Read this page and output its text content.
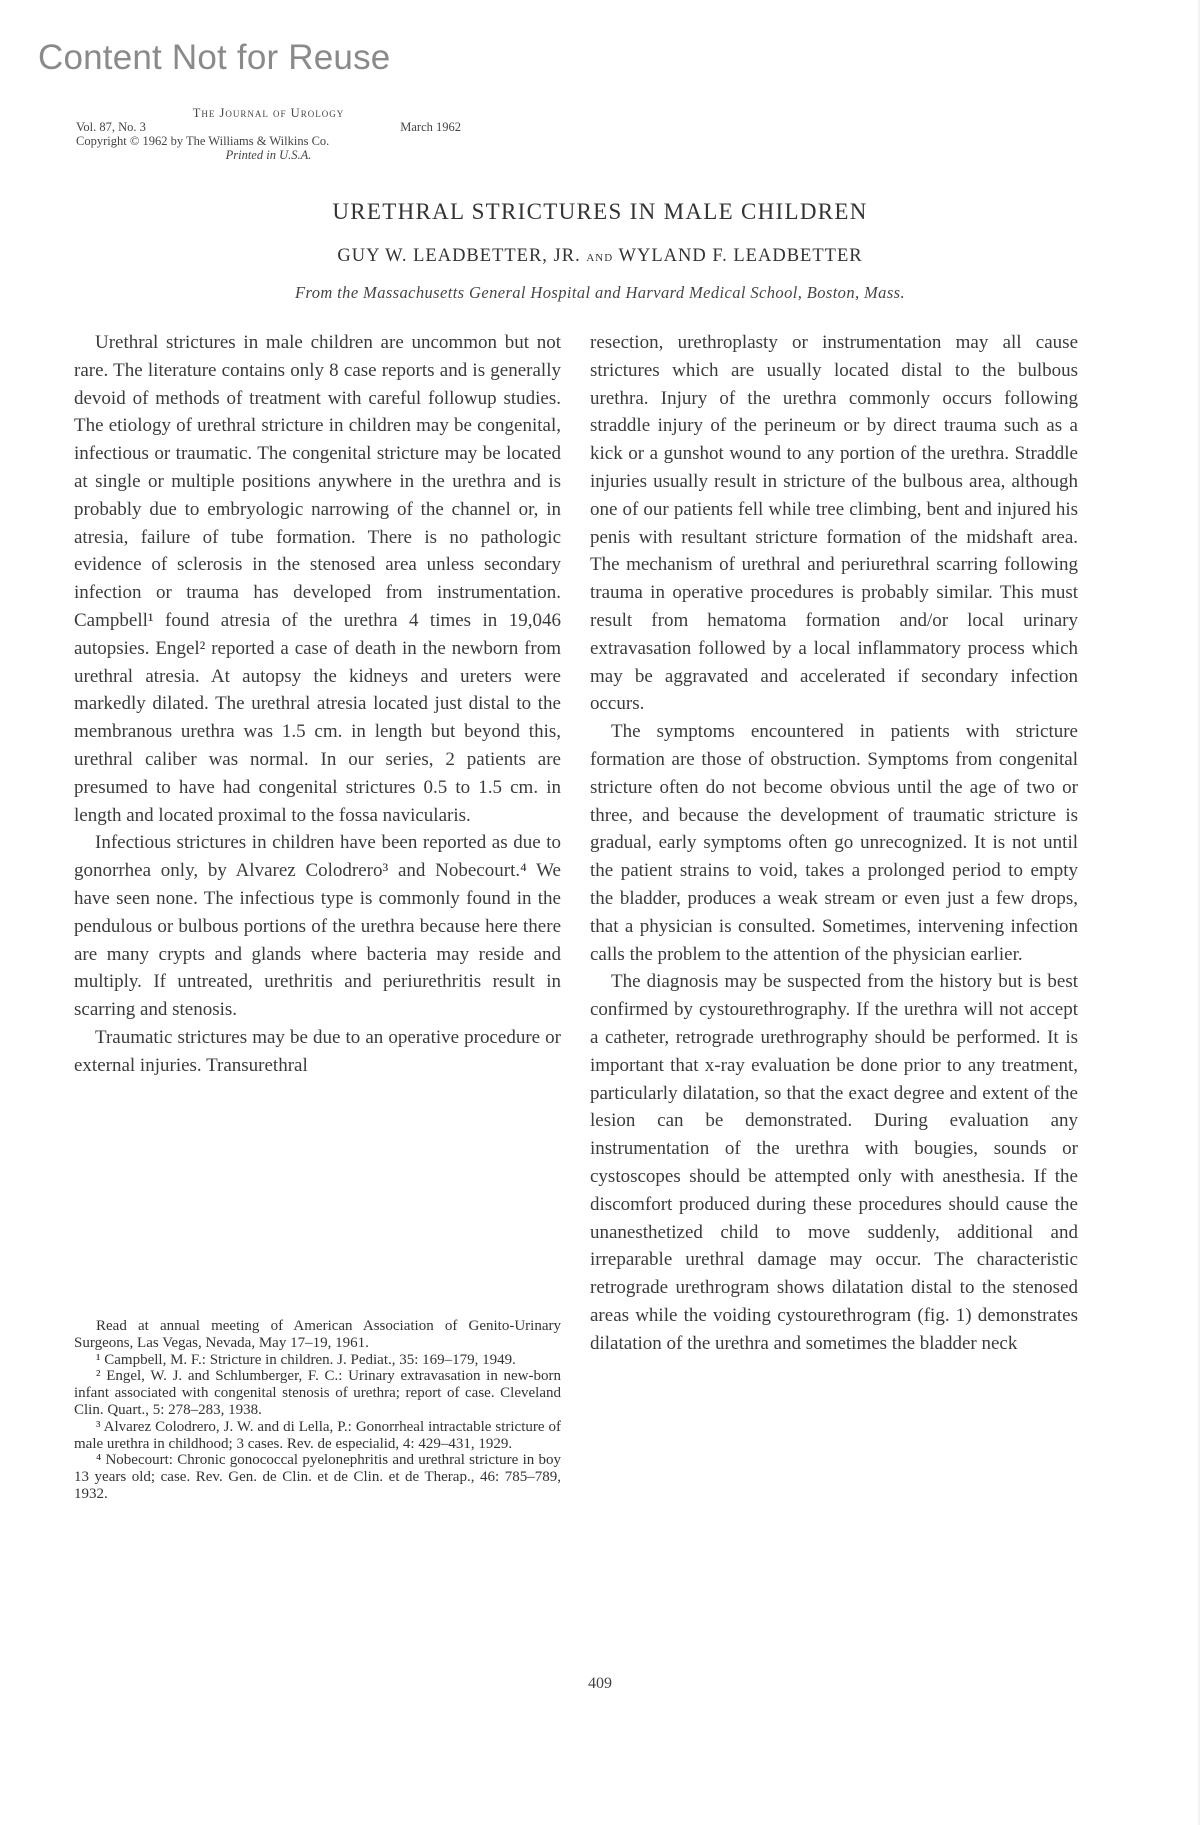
Content Not for Reuse
The Journal of Urology
Vol. 87, No. 3	March 1962
Copyright © 1962 by The Williams & Wilkins Co.
Printed in U.S.A.
URETHRAL STRICTURES IN MALE CHILDREN
GUY W. LEADBETTER, JR. and WYLAND F. LEADBETTER
From the Massachusetts General Hospital and Harvard Medical School, Boston, Mass.

Urethral strictures in male children are uncommon but not rare. The literature contains only 8 case reports and is generally devoid of methods of treatment with careful followup studies. The etiology of urethral stricture in children may be congenital, infectious or traumatic. The congenital stricture may be located at single or multiple positions anywhere in the urethra and is probably due to embryologic narrowing of the channel or, in atresia, failure of tube formation. There is no pathologic evidence of sclerosis in the stenosed area unless secondary infection or trauma has developed from instrumentation. Campbell¹ found atresia of the urethra 4 times in 19,046 autopsies. Engel² reported a case of death in the newborn from urethral atresia. At autopsy the kidneys and ureters were markedly dilated. The urethral atresia located just distal to the membranous urethra was 1.5 cm. in length but beyond this, urethral caliber was normal. In our series, 2 patients are presumed to have had congenital strictures 0.5 to 1.5 cm. in length and located proximal to the fossa navicularis.

Infectious strictures in children have been reported as due to gonorrhea only, by Alvarez Colodrero³ and Nobecourt.⁴ We have seen none. The infectious type is commonly found in the pendulous or bulbous portions of the urethra because here there are many crypts and glands where bacteria may reside and multiply. If untreated, urethritis and periurethritis result in scarring and stenosis.

Traumatic strictures may be due to an operative procedure or external injuries. Transurethral

Read at annual meeting of American Association of Genito-Urinary Surgeons, Las Vegas, Nevada, May 17–19, 1961.

¹ Campbell, M. F.: Stricture in children. J. Pediat., 35: 169–179, 1949.

² Engel, W. J. and Schlumberger, F. C.: Urinary extravasation in new-born infant associated with congenital stenosis of urethra; report of case. Cleveland Clin. Quart., 5: 278–283, 1938.

³ Alvarez Colodrero, J. W. and di Lella, P.: Gonorrheal intractable stricture of male urethra in childhood; 3 cases. Rev. de especialid, 4: 429–431, 1929.

⁴ Nobecourt: Chronic gonococcal pyelonephritis and urethral stricture in boy 13 years old; case. Rev. Gen. de Clin. et de Clin. et de Therap., 46: 785–789, 1932.

resection, urethroplasty or instrumentation may all cause strictures which are usually located distal to the bulbous urethra. Injury of the urethra commonly occurs following straddle injury of the perineum or by direct trauma such as a kick or a gunshot wound to any portion of the urethra. Straddle injuries usually result in stricture of the bulbous area, although one of our patients fell while tree climbing, bent and injured his penis with resultant stricture formation of the midshaft area. The mechanism of urethral and periurethral scarring following trauma in operative procedures is probably similar. This must result from hematoma formation and/or local urinary extravasation followed by a local inflammatory process which may be aggravated and accelerated if secondary infection occurs.

The symptoms encountered in patients with stricture formation are those of obstruction. Symptoms from congenital stricture often do not become obvious until the age of two or three, and because the development of traumatic stricture is gradual, early symptoms often go unrecognized. It is not until the patient strains to void, takes a prolonged period to empty the bladder, produces a weak stream or even just a few drops, that a physician is consulted. Sometimes, intervening infection calls the problem to the attention of the physician earlier.

The diagnosis may be suspected from the history but is best confirmed by cystourethrography. If the urethra will not accept a catheter, retrograde urethrography should be performed. It is important that x-ray evaluation be done prior to any treatment, particularly dilatation, so that the exact degree and extent of the lesion can be demonstrated. During evaluation any instrumentation of the urethra with bougies, sounds or cystoscopes should be attempted only with anesthesia. If the discomfort produced during these procedures should cause the unanesthetized child to move suddenly, additional and irreparable urethral damage may occur. The characteristic retrograde urethrogram shows dilatation distal to the stenosed areas while the voiding cystourethrogram (fig. 1) demonstrates dilatation of the urethra and sometimes the bladder neck

409
